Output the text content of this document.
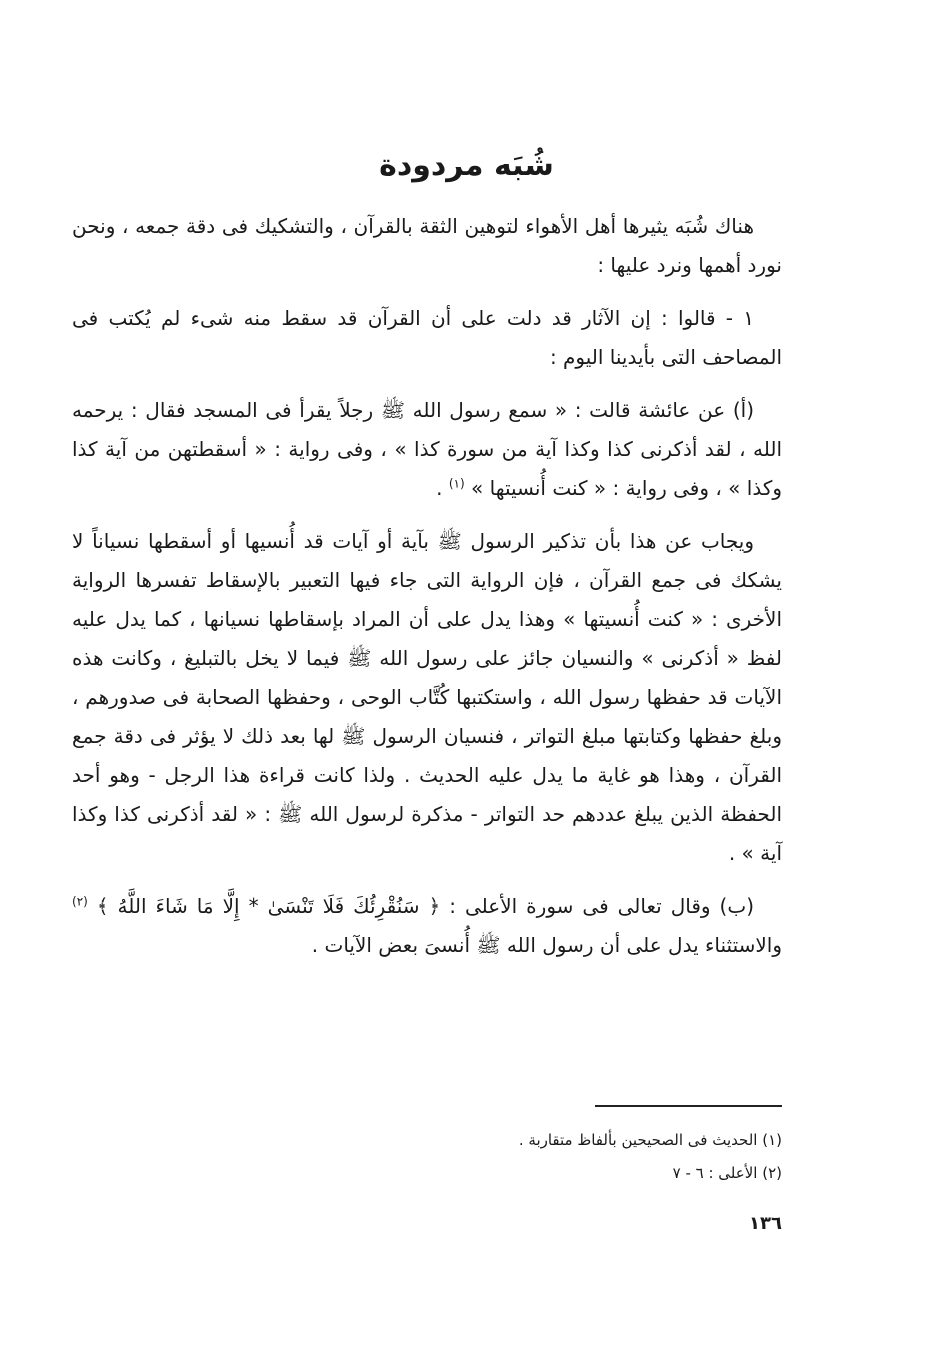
شُبَه مردودة

هناك شُبَه يثيرها أهل الأهواء لتوهين الثقة بالقرآن ، والتشكيك فى دقة جمعه ، ونحن نورد أهمها ونرد عليها :

١ - قالوا : إن الآثار قد دلت على أن القرآن قد سقط منه شىء لم يُكتب فى المصاحف التى بأيدينا اليوم :

(أ) عن عائشة قالت : « سمع رسول الله ﷺ رجلاً يقرأ فى المسجد فقال : يرحمه الله ، لقد أذكرنى كذا وكذا آية من سورة كذا » ، وفى رواية : « أسقطتهن من آية كذا وكذا » ، وفى رواية : « كنت أُنسيتها » $^{(١)}$ .

ويجاب عن هذا بأن تذكير الرسول ﷺ بآية أو آيات قد أُنسيها أو أسقطها نسياناً لا يشكك فى جمع القرآن ، فإن الرواية التى جاء فيها التعبير بالإسقاط تفسرها الرواية الأخرى : « كنت أُنسيتها » وهذا يدل على أن المراد بإسقاطها نسيانها ، كما يدل عليه لفظ « أذكرنى » والنسيان جائز على رسول الله ﷺ فيما لا يخل بالتبليغ ، وكانت هذه الآيات قد حفظها رسول الله ، واستكتبها كُتَّاب الوحى ، وحفظها الصحابة فى صدورهم ، وبلغ حفظها وكتابتها مبلغ التواتر ، فنسيان الرسول ﷺ لها بعد ذلك لا يؤثر فى دقة جمع القرآن ، وهذا هو غاية ما يدل عليه الحديث . ولذا كانت قراءة هذا الرجل - وهو أحد الحفظة الذين يبلغ عددهم حد التواتر - مذكرة لرسول الله ﷺ : « لقد أذكرنى كذا وكذا آية » .

(ب) وقال تعالى فى سورة الأعلى : ﴿ سَنُقْرِئُكَ فَلَا تَنْسَىٰ * إِلَّا مَا شَاءَ اللَّهُ ﴾ $^{(٢)}$ والاستثناء يدل على أن رسول الله ﷺ أُنسىَ بعض الآيات .

(١) الحديث فى الصحيحين بألفاظ متقاربة .
(٢) الأعلى : ٦ - ٧
١٣٦
